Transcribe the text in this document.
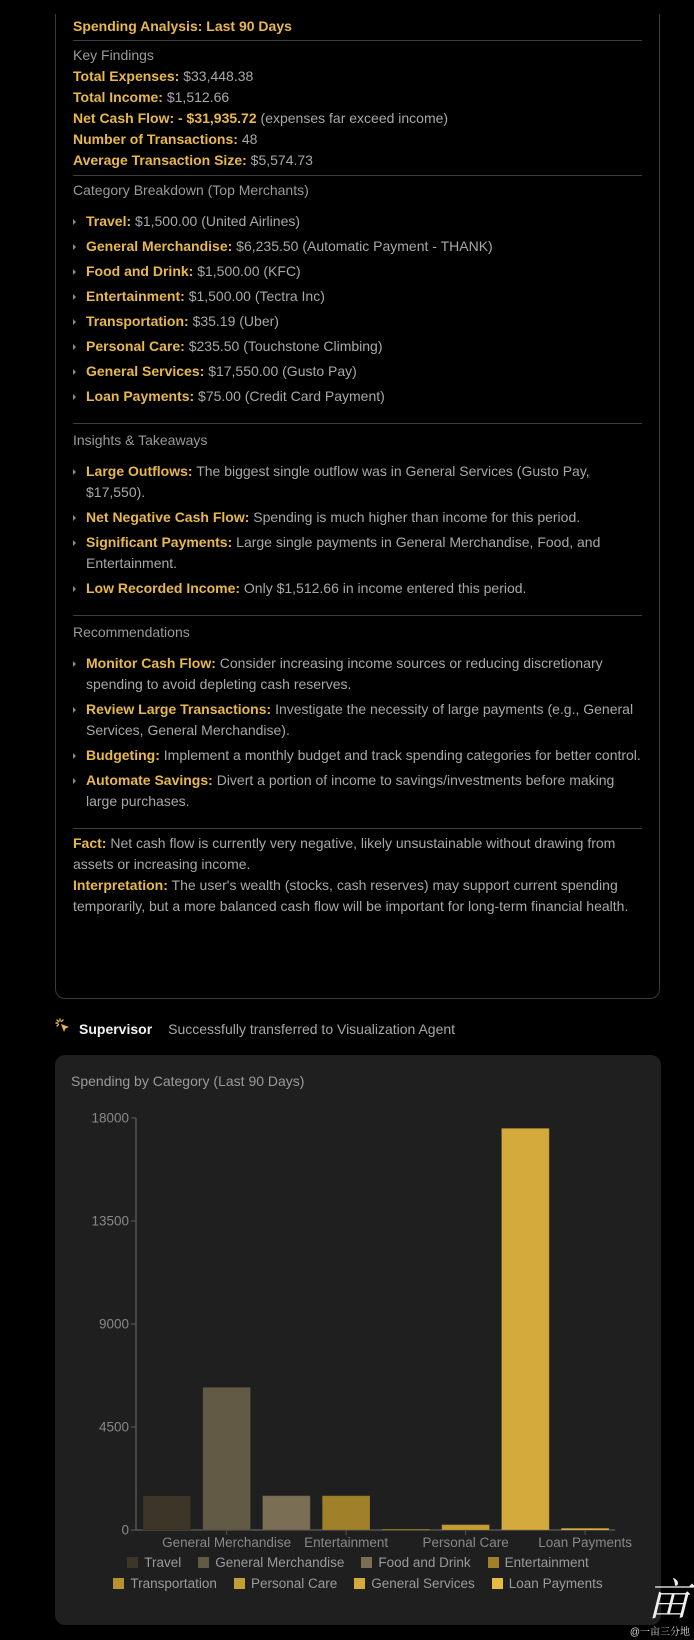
Spending Analysis: Last 90 Days
Key Findings
Total Expenses: $33,448.38
Total Income: $1,512.66
Net Cash Flow: - $31,935.72 (expenses far exceed income)
Number of Transactions: 48
Average Transaction Size: $5,574.73
Category Breakdown (Top Merchants)
Travel: $1,500.00 (United Airlines)
General Merchandise: $6,235.50 (Automatic Payment - THANK)
Food and Drink: $1,500.00 (KFC)
Entertainment: $1,500.00 (Tectra Inc)
Transportation: $35.19 (Uber)
Personal Care: $235.50 (Touchstone Climbing)
General Services: $17,550.00 (Gusto Pay)
Loan Payments: $75.00 (Credit Card Payment)
Insights & Takeaways
Large Outflows: The biggest single outflow was in General Services (Gusto Pay, $17,550).
Net Negative Cash Flow: Spending is much higher than income for this period.
Significant Payments: Large single payments in General Merchandise, Food, and Entertainment.
Low Recorded Income: Only $1,512.66 in income entered this period.
Recommendations
Monitor Cash Flow: Consider increasing income sources or reducing discretionary spending to avoid depleting cash reserves.
Review Large Transactions: Investigate the necessity of large payments (e.g., General Services, General Merchandise).
Budgeting: Implement a monthly budget and track spending categories for better control.
Automate Savings: Divert a portion of income to savings/investments before making large purchases.
Fact: Net cash flow is currently very negative, likely unsustainable without drawing from assets or increasing income.
Interpretation: The user's wealth (stocks, cash reserves) may support current spending temporarily, but a more balanced cash flow will be important for long-term financial health.
Supervisor Successfully transferred to Visualization Agent
Spending by Category (Last 90 Days)
0
4500
9000
13500
18000
General Merchandise Entertainment	Personal Care Loan Payments
Travel	General Merchandise	Food and Drink	Entertainment
Transportation	Personal Care	General Services	Loan Payments 亩
@一亩三分地
